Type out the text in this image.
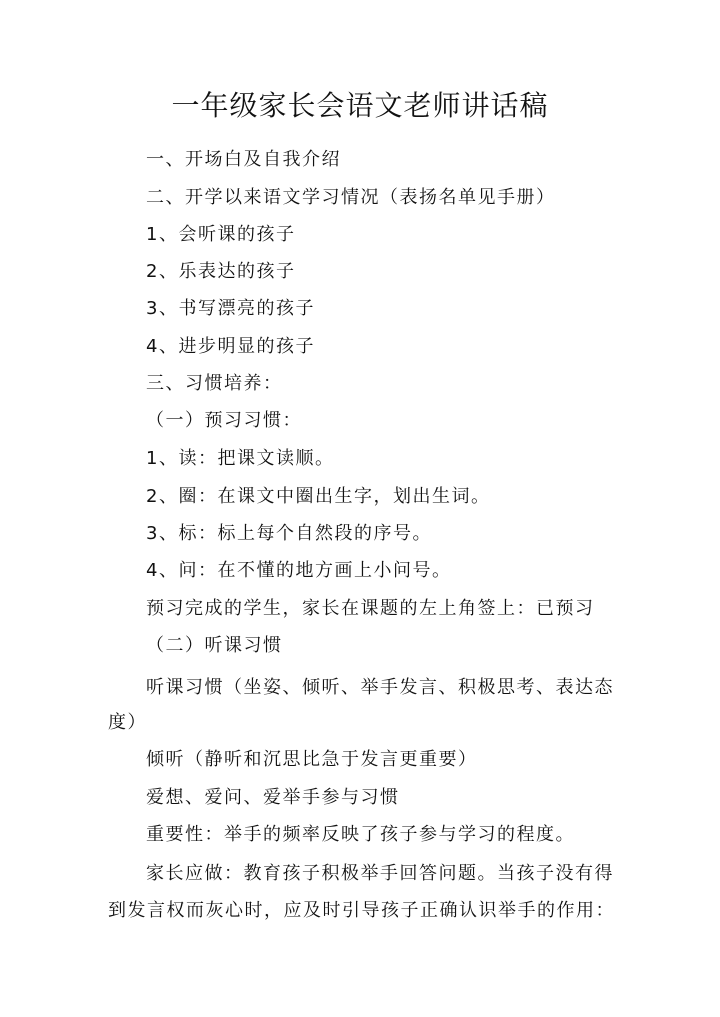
一年级家长会语文老师讲话稿
一、开场白及自我介绍
二、开学以来语文学习情况（表扬名单见手册）
1、会听课的孩子
2、乐表达的孩子
3、书写漂亮的孩子
4、进步明显的孩子
三、习惯培养：
（一）预习习惯：
1、读：把课文读顺。
2、圈：在课文中圈出生字，划出生词。
3、标：标上每个自然段的序号。
4、问：在不懂的地方画上小问号。
预习完成的学生，家长在课题的左上角签上：已预习
（二）听课习惯
听课习惯（坐姿、倾听、举手发言、积极思考、表达态
度）
倾听（静听和沉思比急于发言更重要）
爱想、爱问、爱举手参与习惯
重要性：举手的频率反映了孩子参与学习的程度。
家长应做：教育孩子积极举手回答问题。当孩子没有得
到发言权而灰心时，应及时引导孩子正确认识举手的作用：
